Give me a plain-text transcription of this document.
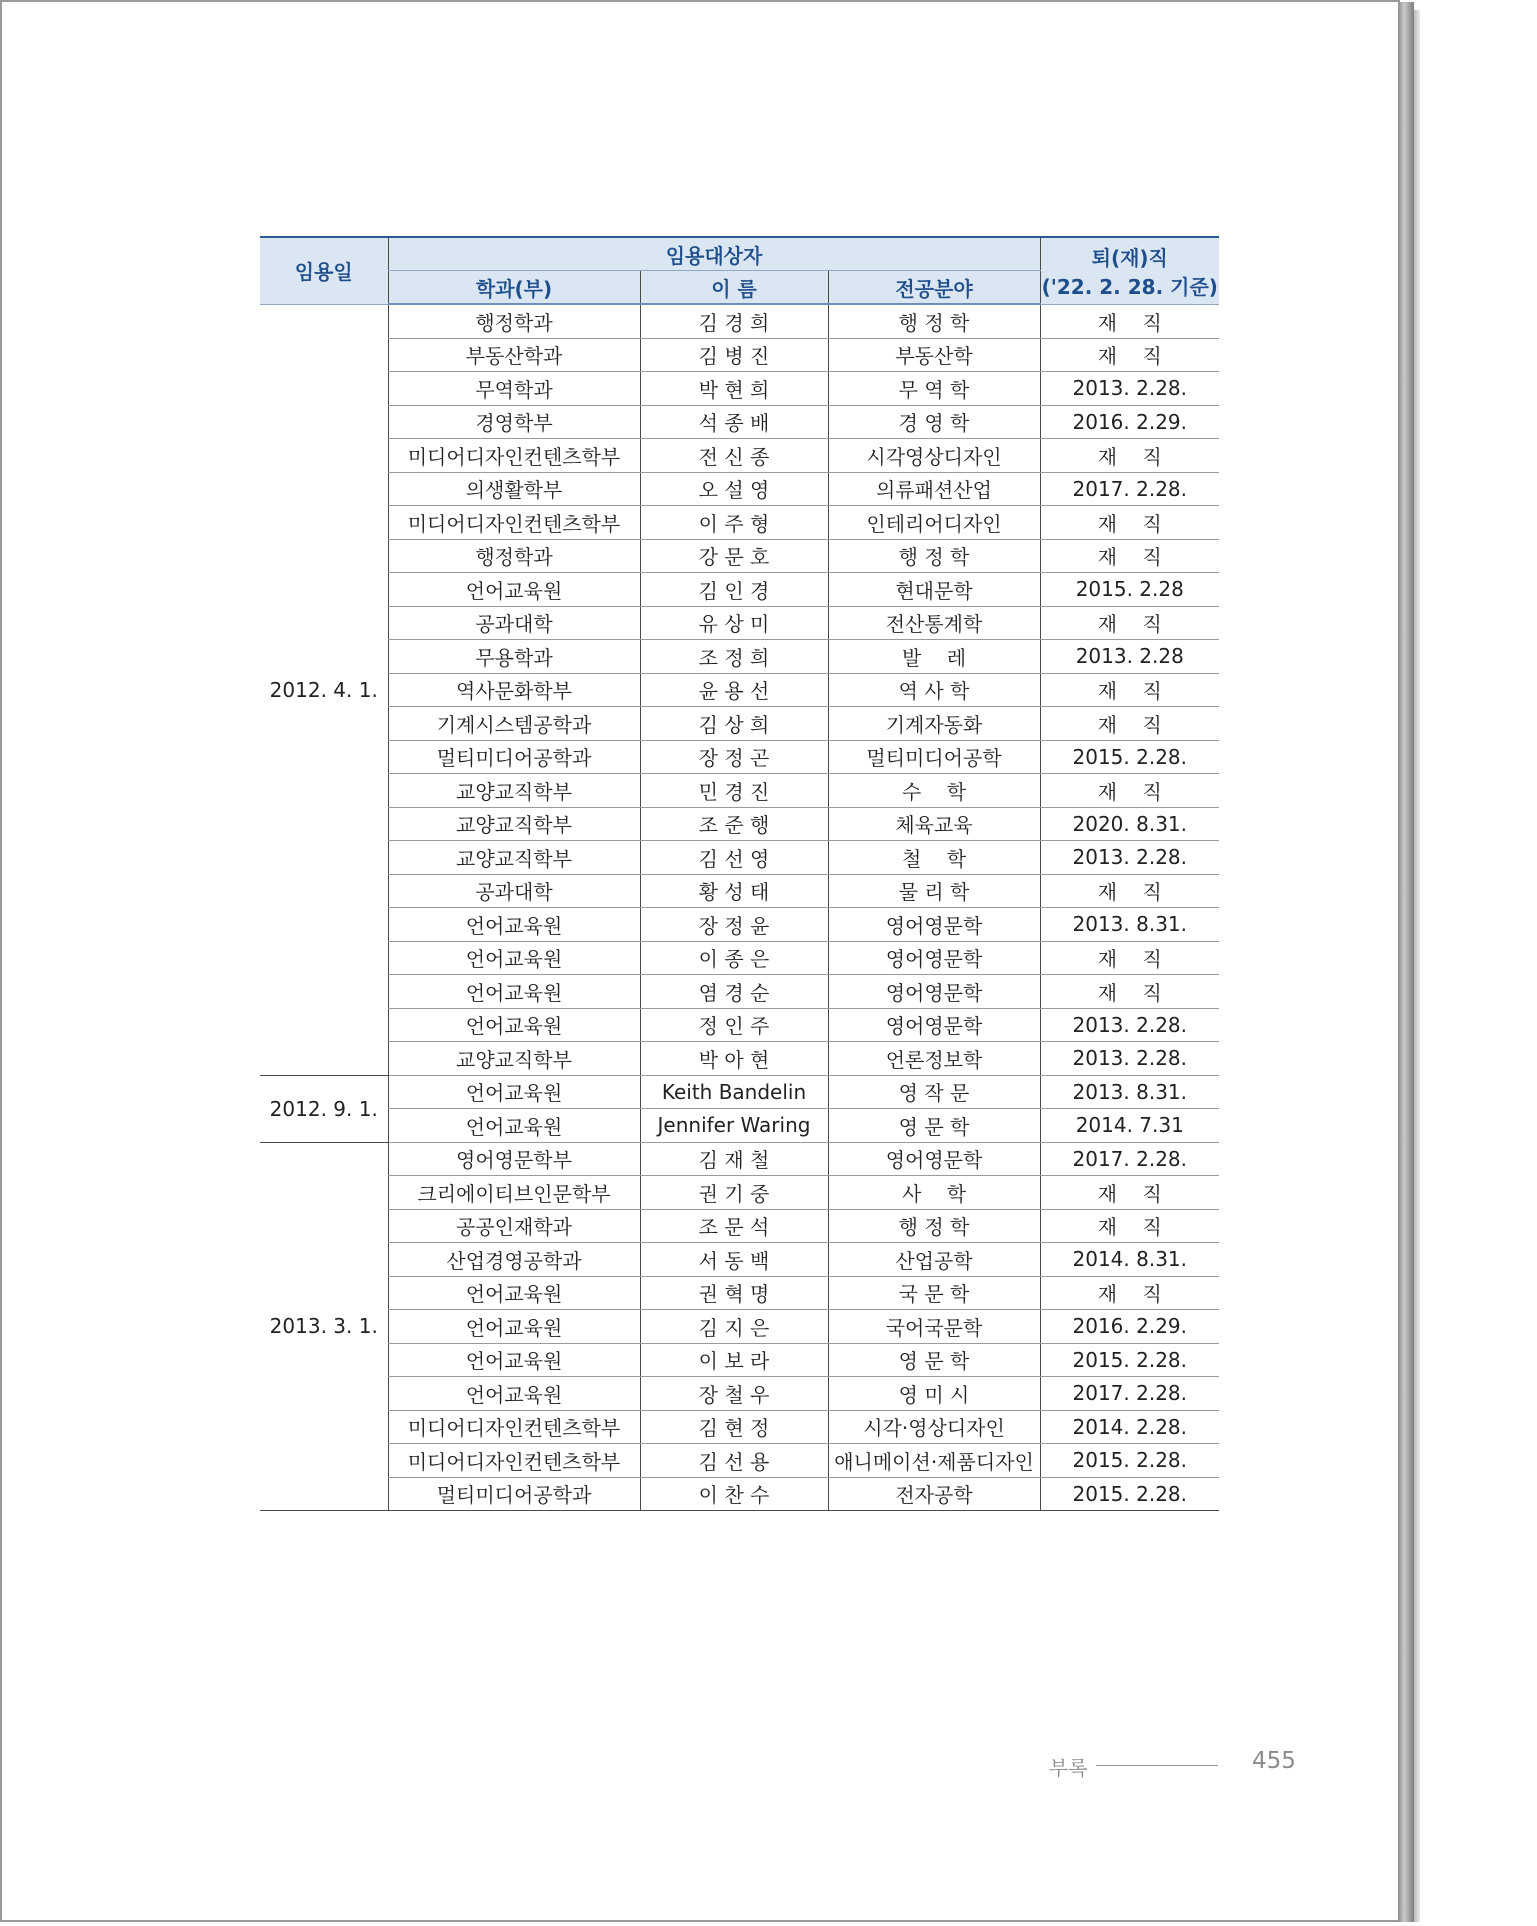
임용일	임용대상자			퇴(재)직
('22. 2. 28. 기준)

	학과(부)	이 름	전공분야	
2012. 4. 1.	행정학과	김 경 희	행 정 학	재    직
	부동산학과	김 병 진	부동산학	재    직
	무역학과	박 현 희	무 역 학	2013. 2.28.
	경영학부	석 종 배	경 영 학	2016. 2.29.
	미디어디자인컨텐츠학부	전 신 종	시각영상디자인	재    직
	의생활학부	오 설 영	의류패션산업	2017. 2.28.
	미디어디자인컨텐츠학부	이 주 형	인테리어디자인	재    직
	행정학과	강 문 호	행 정 학	재    직
	언어교육원	김 인 경	현대문학	2015. 2.28
	공과대학	유 상 미	전산통계학	재    직
	무용학과	조 정 희	발    레	2013. 2.28
	역사문화학부	윤 용 선	역 사 학	재    직
	기계시스템공학과	김 상 희	기계자동화	재    직
	멀티미디어공학과	장 정 곤	멀티미디어공학	2015. 2.28.
	교양교직학부	민 경 진	수    학	재    직
	교양교직학부	조 준 행	체육교육	2020. 8.31.
	교양교직학부	김 선 영	철    학	2013. 2.28.
	공과대학	황 성 태	물 리 학	재    직
	언어교육원	장 정 윤	영어영문학	2013. 8.31.
	언어교육원	이 종 은	영어영문학	재    직
	언어교육원	염 경 순	영어영문학	재    직
	언어교육원	정 인 주	영어영문학	2013. 2.28.
	교양교직학부	박 아 현	언론정보학	2013. 2.28.
2012. 9. 1.	언어교육원	Keith Bandelin	영 작 문	2013. 8.31.
	언어교육원	Jennifer Waring	영 문 학	2014. 7.31
2013. 3. 1.	영어영문학부	김 재 철	영어영문학	2017. 2.28.
	크리에이티브인문학부	권 기 중	사    학	재    직
	공공인재학과	조 문 석	행 정 학	재    직
	산업경영공학과	서 동 백	산업공학	2014. 8.31.
	언어교육원	권 혁 명	국 문 학	재    직
	언어교육원	김 지 은	국어국문학	2016. 2.29.
	언어교육원	이 보 라	영 문 학	2015. 2.28.
	언어교육원	장 철 우	영 미 시	2017. 2.28.
	미디어디자인컨텐츠학부	김 현 정	시각·영상디자인	2014. 2.28.
	미디어디자인컨텐츠학부	김 선 용	애니메이션·제품디자인	2015. 2.28.
	멀티미디어공학과	이 찬 수	전자공학	2015. 2.28.
부록	455
